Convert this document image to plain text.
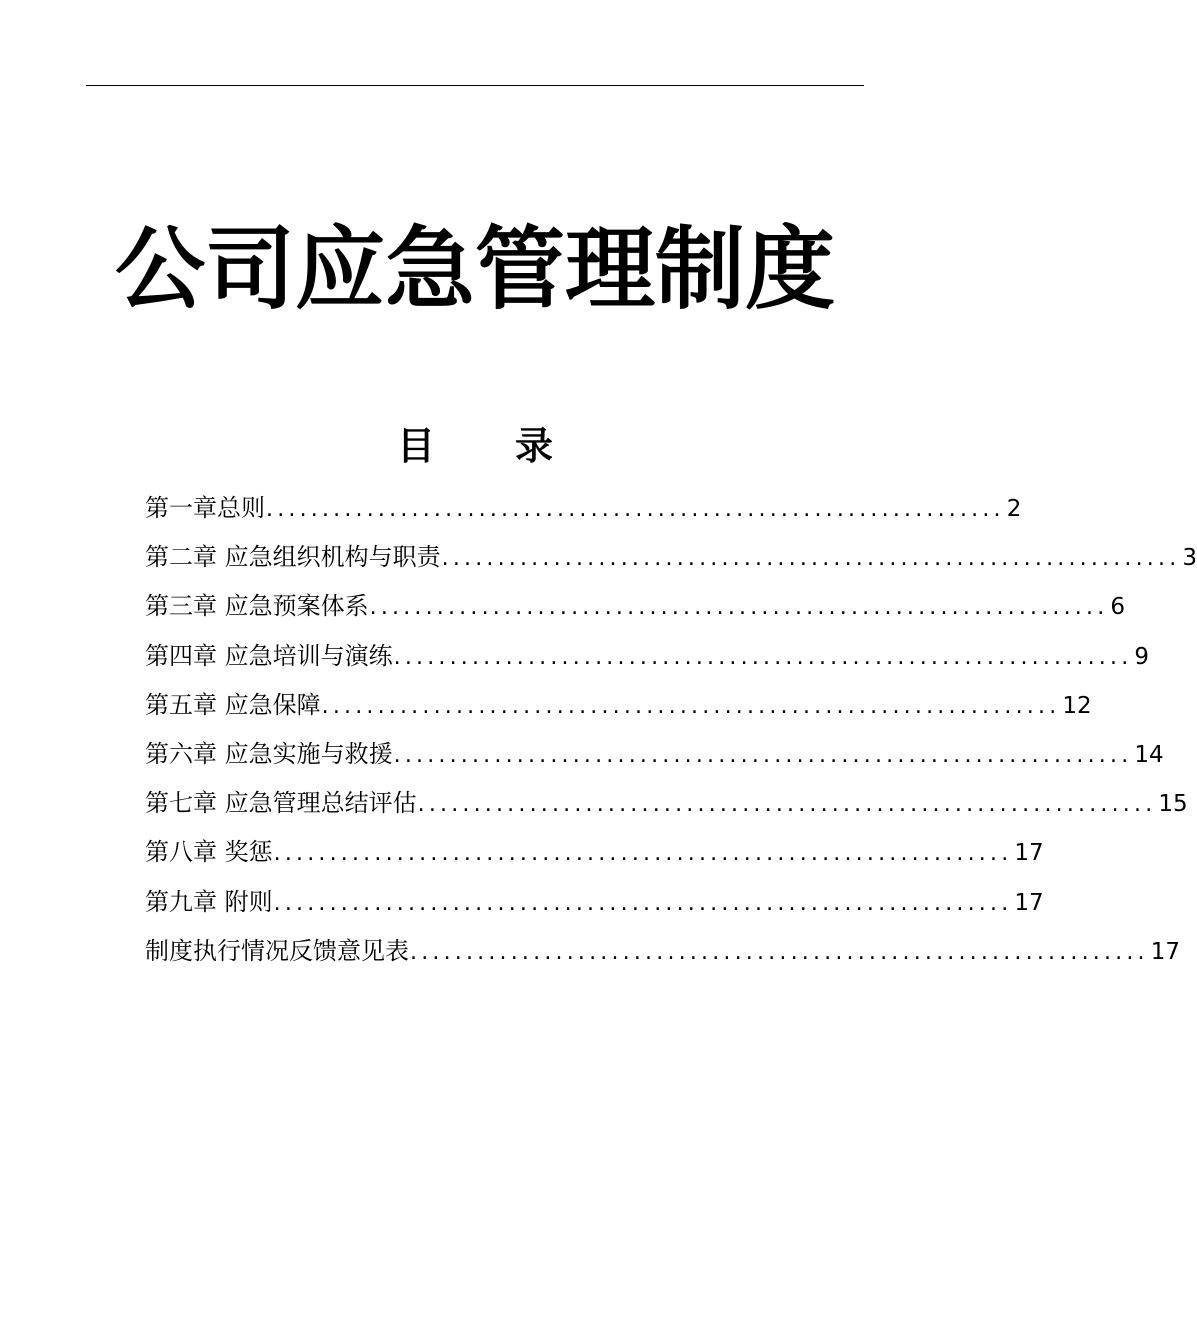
公司应急管理制度
目 录
第一章总则 .................................................................. 2
第二章 应急组织机构与职责 .................................................................. 3
第三章 应急预案体系 .................................................................. 6
第四章 应急培训与演练 .................................................................. 9
第五章 应急保障 .................................................................. 12
第六章 应急实施与救援 .................................................................. 14
第七章 应急管理总结评估 .................................................................. 15
第八章 奖惩 .................................................................. 17
第九章 附则 .................................................................. 17
制度执行情况反馈意见表 .................................................................. 17
